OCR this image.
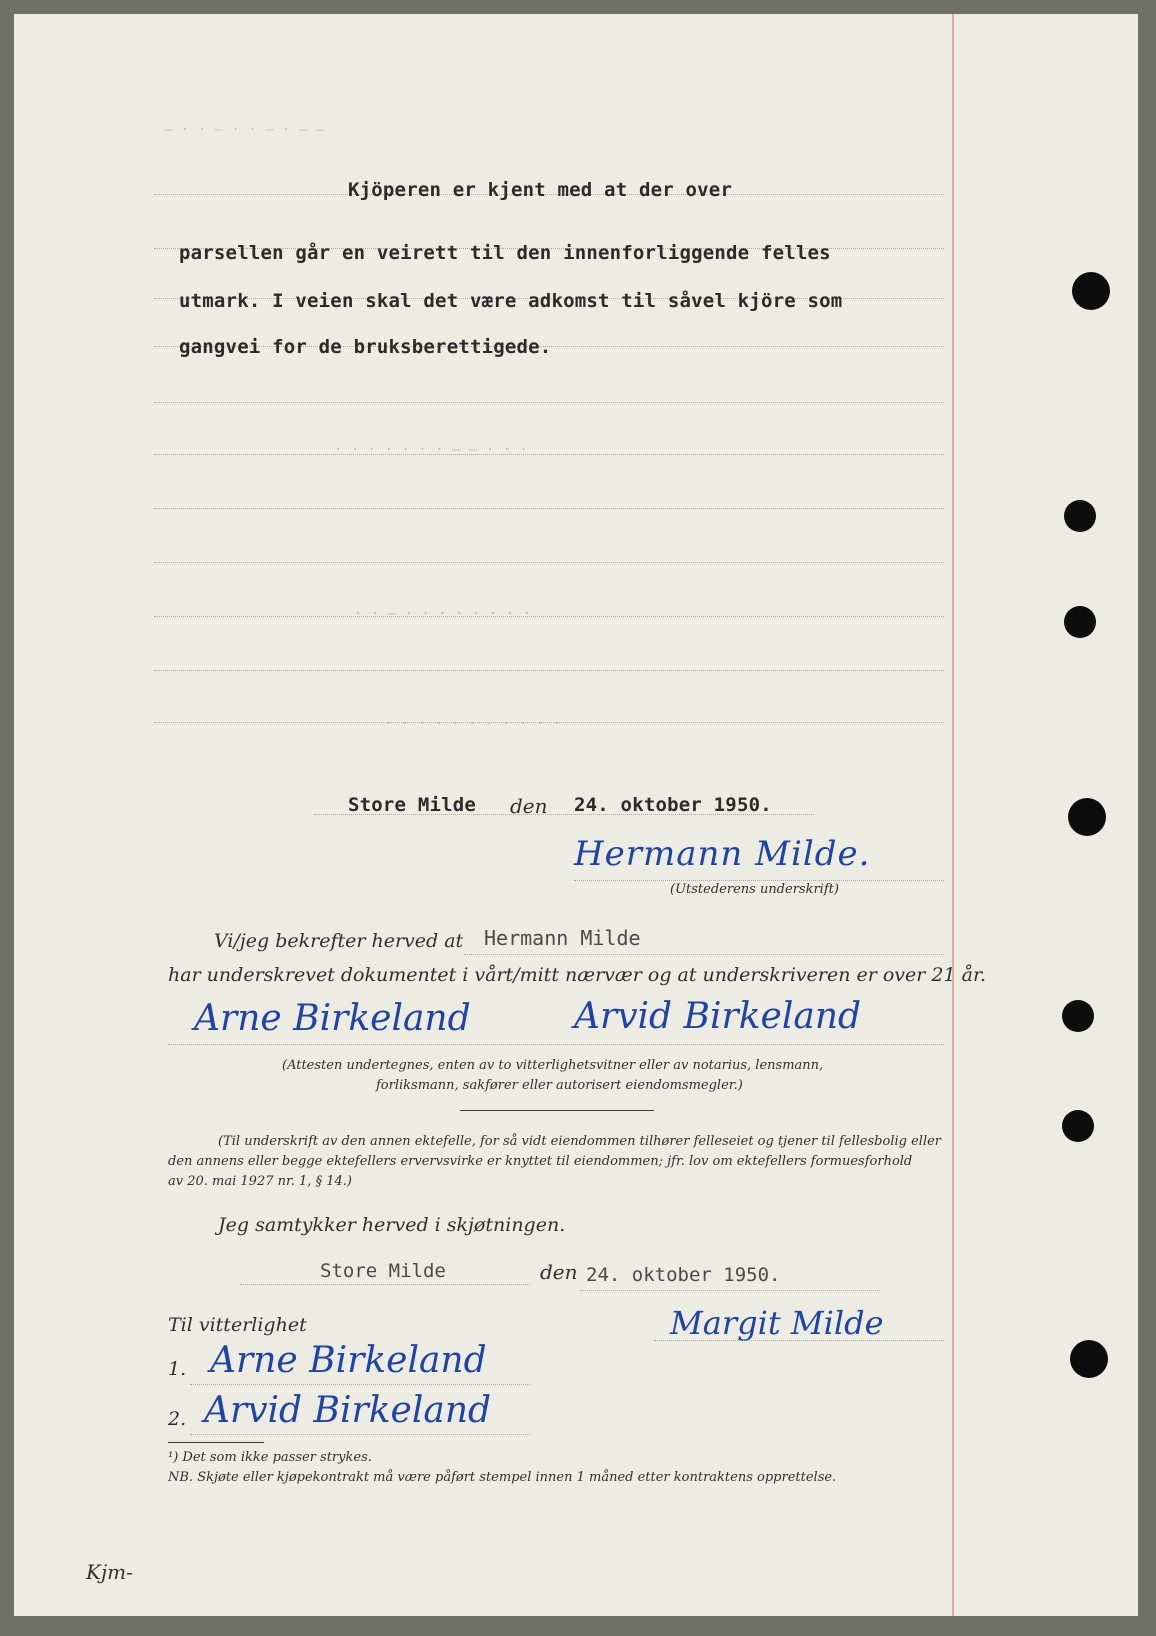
— · · — · · — · — —
· · · · · · · — — · · ·
· · — · · · · · · · ·
· · · · · · · · · · ·
Kjöperen er kjent med at der over
parsellen går en veirett til den innenforliggende felles
utmark. I veien skal det være adkomst til såvel kjöre som
gangvei for de bruksberettigede.
Store Milde den 24. oktober 1950.
Hermann Milde.
(Utstederens underskrift)
Vi/jeg bekrefter herved at Hermann Milde
har underskrevet dokumentet i vårt/mitt nærvær og at underskriveren er over 21 år.
Arne Birkeland	Arvid Birkeland
(Attesten undertegnes, enten av to vitterlighetsvitner eller av notarius, lensmann,
forliksmann, sakfører eller autorisert eiendomsmegler.)
(Til underskrift av den annen ektefelle, for så vidt eiendommen tilhører felleseiet og tjener til fellesbolig eller
den annens eller begge ektefellers ervervsvirke er knyttet til eiendommen; jfr. lov om ektefellers formuesforhold
av 20. mai 1927 nr. 1, § 14.)
Jeg samtykker herved i skjøtningen.
Store Milde	den 24. oktober 1950.
Til vitterlighet	Margit Milde
1. Arne Birkeland
2. Arvid Birkeland
¹) Det som ikke passer strykes.
NB. Skjøte eller kjøpekontrakt må være påført stempel innen 1 måned etter kontraktens opprettelse.
Kjm-
